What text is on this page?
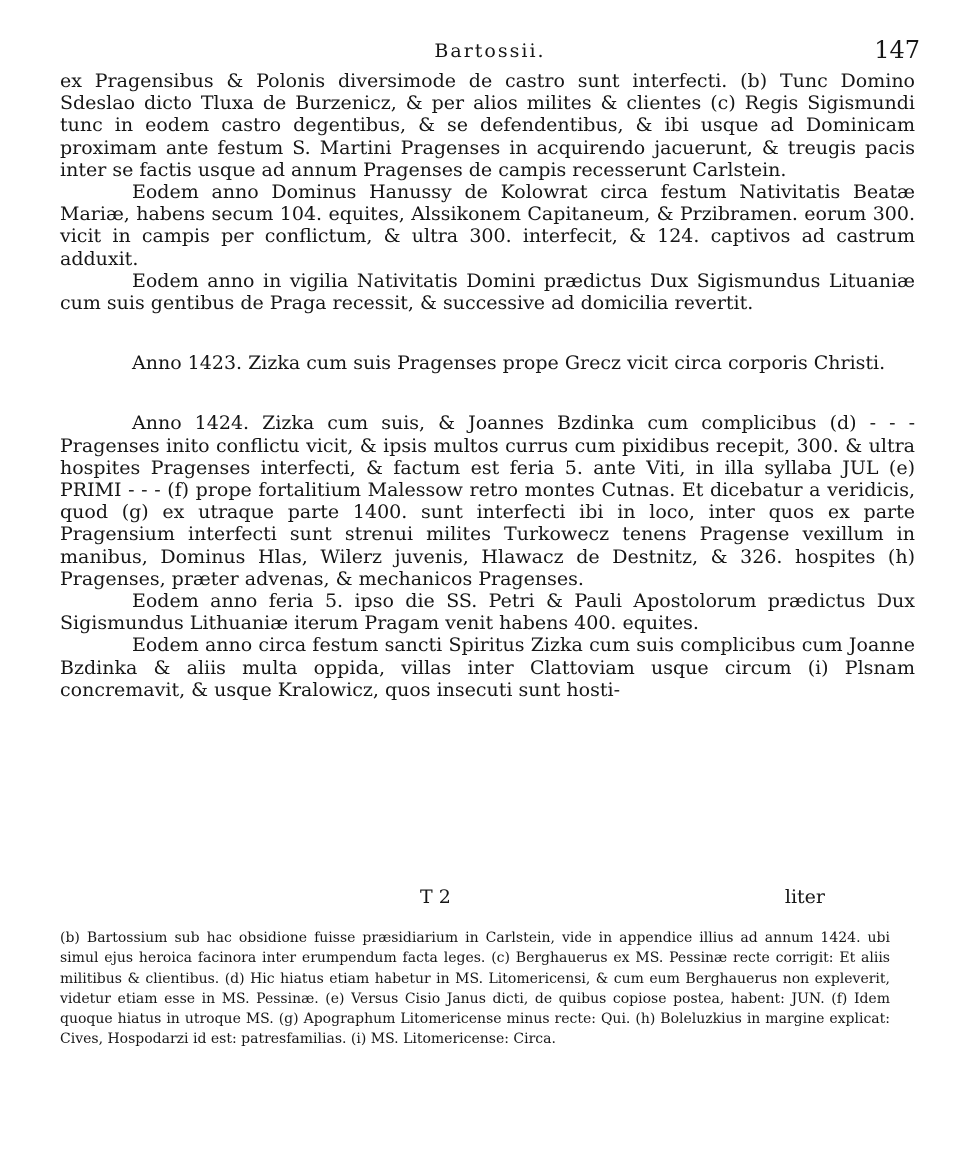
Bartossii.	147

ex Pragensibus & Polonis diversimode de castro sunt interfecti. (b) Tunc Domino Sdeslao dicto Tluxa de Burzenicz, & per alios milites & clientes (c) Regis Sigismundi tunc in eodem castro degentibus, & se defendentibus, & ibi usque ad Dominicam proximam ante festum S. Martini Pragenses in acquirendo jacuerunt, & treugis pacis inter se factis usque ad annum Pragenses de campis recesserunt Carlstein.

Eodem anno Dominus Hanussy de Kolowrat circa festum Nativitatis Beatæ Mariæ, habens secum 104. equites, Alssikonem Capitaneum, & Przibramen. eorum 300. vicit in campis per conflictum, & ultra 300. interfecit, & 124. captivos ad castrum adduxit.

Eodem anno in vigilia Nativitatis Domini prædictus Dux Sigismundus Lituaniæ cum suis gentibus de Praga recessit, & successive ad domicilia revertit.

Anno 1423. Zizka cum suis Pragenses prope Grecz vicit circa corporis Christi.

Anno 1424. Zizka cum suis, & Joannes Bzdinka cum complicibus (d) - - - Pragenses inito conflictu vicit, & ipsis multos currus cum pixidibus recepit, 300. & ultra hospites Pragenses interfecti, & factum est feria 5. ante Viti, in illa syllaba JUL (e) PRIMI - - - (f) prope fortalitium Malessow retro montes Cutnas. Et dicebatur a veridicis, quod (g) ex utraque parte 1400. sunt interfecti ibi in loco, inter quos ex parte Pragensium interfecti sunt strenui milites Turkowecz tenens Pragense vexillum in manibus, Dominus Hlas, Wilerz juvenis, Hlawacz de Destnitz, & 326. hospites (h) Pragenses, præter advenas, & mechanicos Pragenses.

Eodem anno feria 5. ipso die SS. Petri & Pauli Apostolorum prædictus Dux Sigismundus Lithuaniæ iterum Pragam venit habens 400. equites.

Eodem anno circa festum sancti Spiritus Zizka cum suis complicibus cum Joanne Bzdinka & aliis multa oppida, villas inter Clattoviam usque circum (i) Plsnam concremavit, & usque Kralowicz, quos insecuti sunt hosti-

T 2	liter

(b) Bartossium sub hac obsidione fuisse præsidiarium in Carlstein, vide in appendice illius ad annum 1424. ubi simul ejus heroica facinora inter erumpendum facta leges. (c) Berghauerus ex MS. Pessinæ recte corrigit: Et aliis militibus & clientibus. (d) Hic hiatus etiam habetur in MS. Litomericensi, & cum eum Berghauerus non expleverit, videtur etiam esse in MS. Pessinæ. (e) Versus Cisio Janus dicti, de quibus copiose postea, habent: JUN. (f) Idem quoque hiatus in utroque MS. (g) Apographum Litomericense minus recte: Qui. (h) Boleluzkius in margine explicat: Cives, Hospodarzi id est: patresfamilias. (i) MS. Litomericense: Circa.
